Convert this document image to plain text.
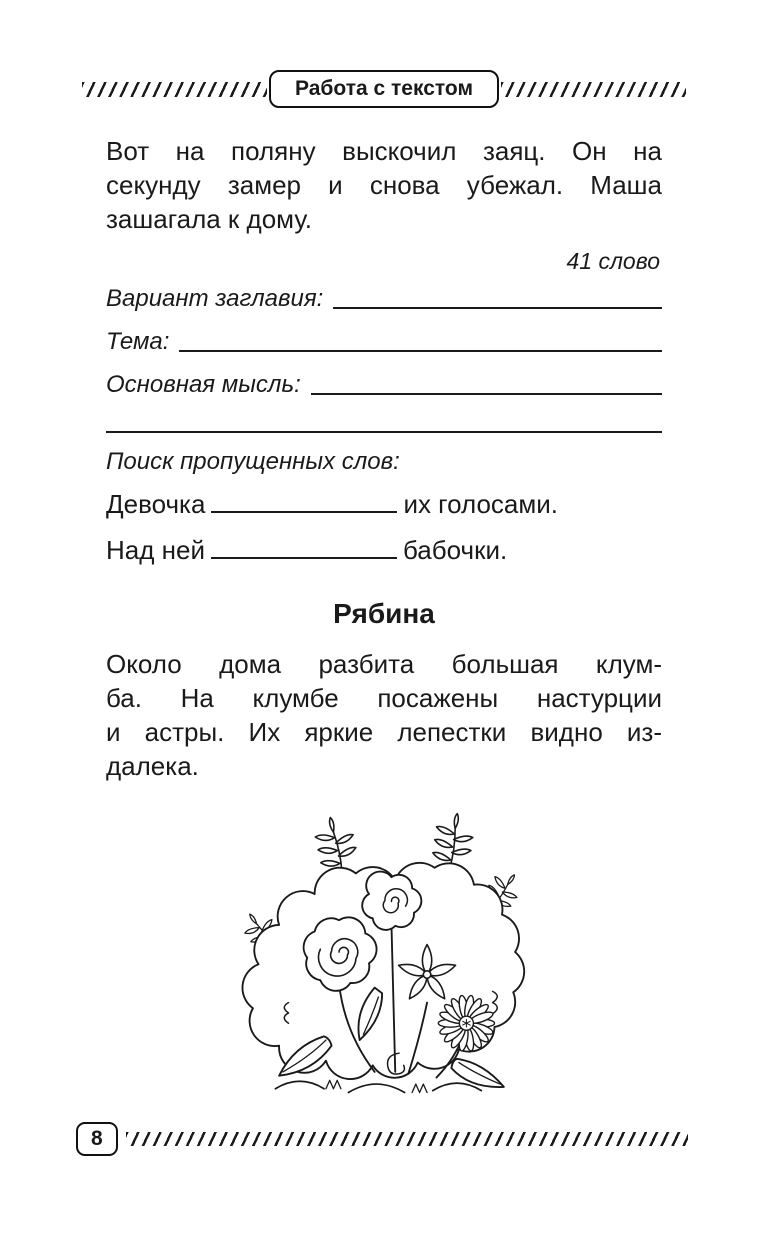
Работа с текстом
Вот на поляну выскочил заяц. Он на
секунду замер и снова убежал. Маша
зашагала к дому.
41 слово
Вариант заглавия:
Тема:
Основная мысль:
Поиск пропущенных слов:
Девочка	их голосами.
Над ней	бабочки.
Рябина
Около дома разбита большая клум-
ба. На клумбе посажены настурции
и астры. Их яркие лепестки видно из-
далека.
8
